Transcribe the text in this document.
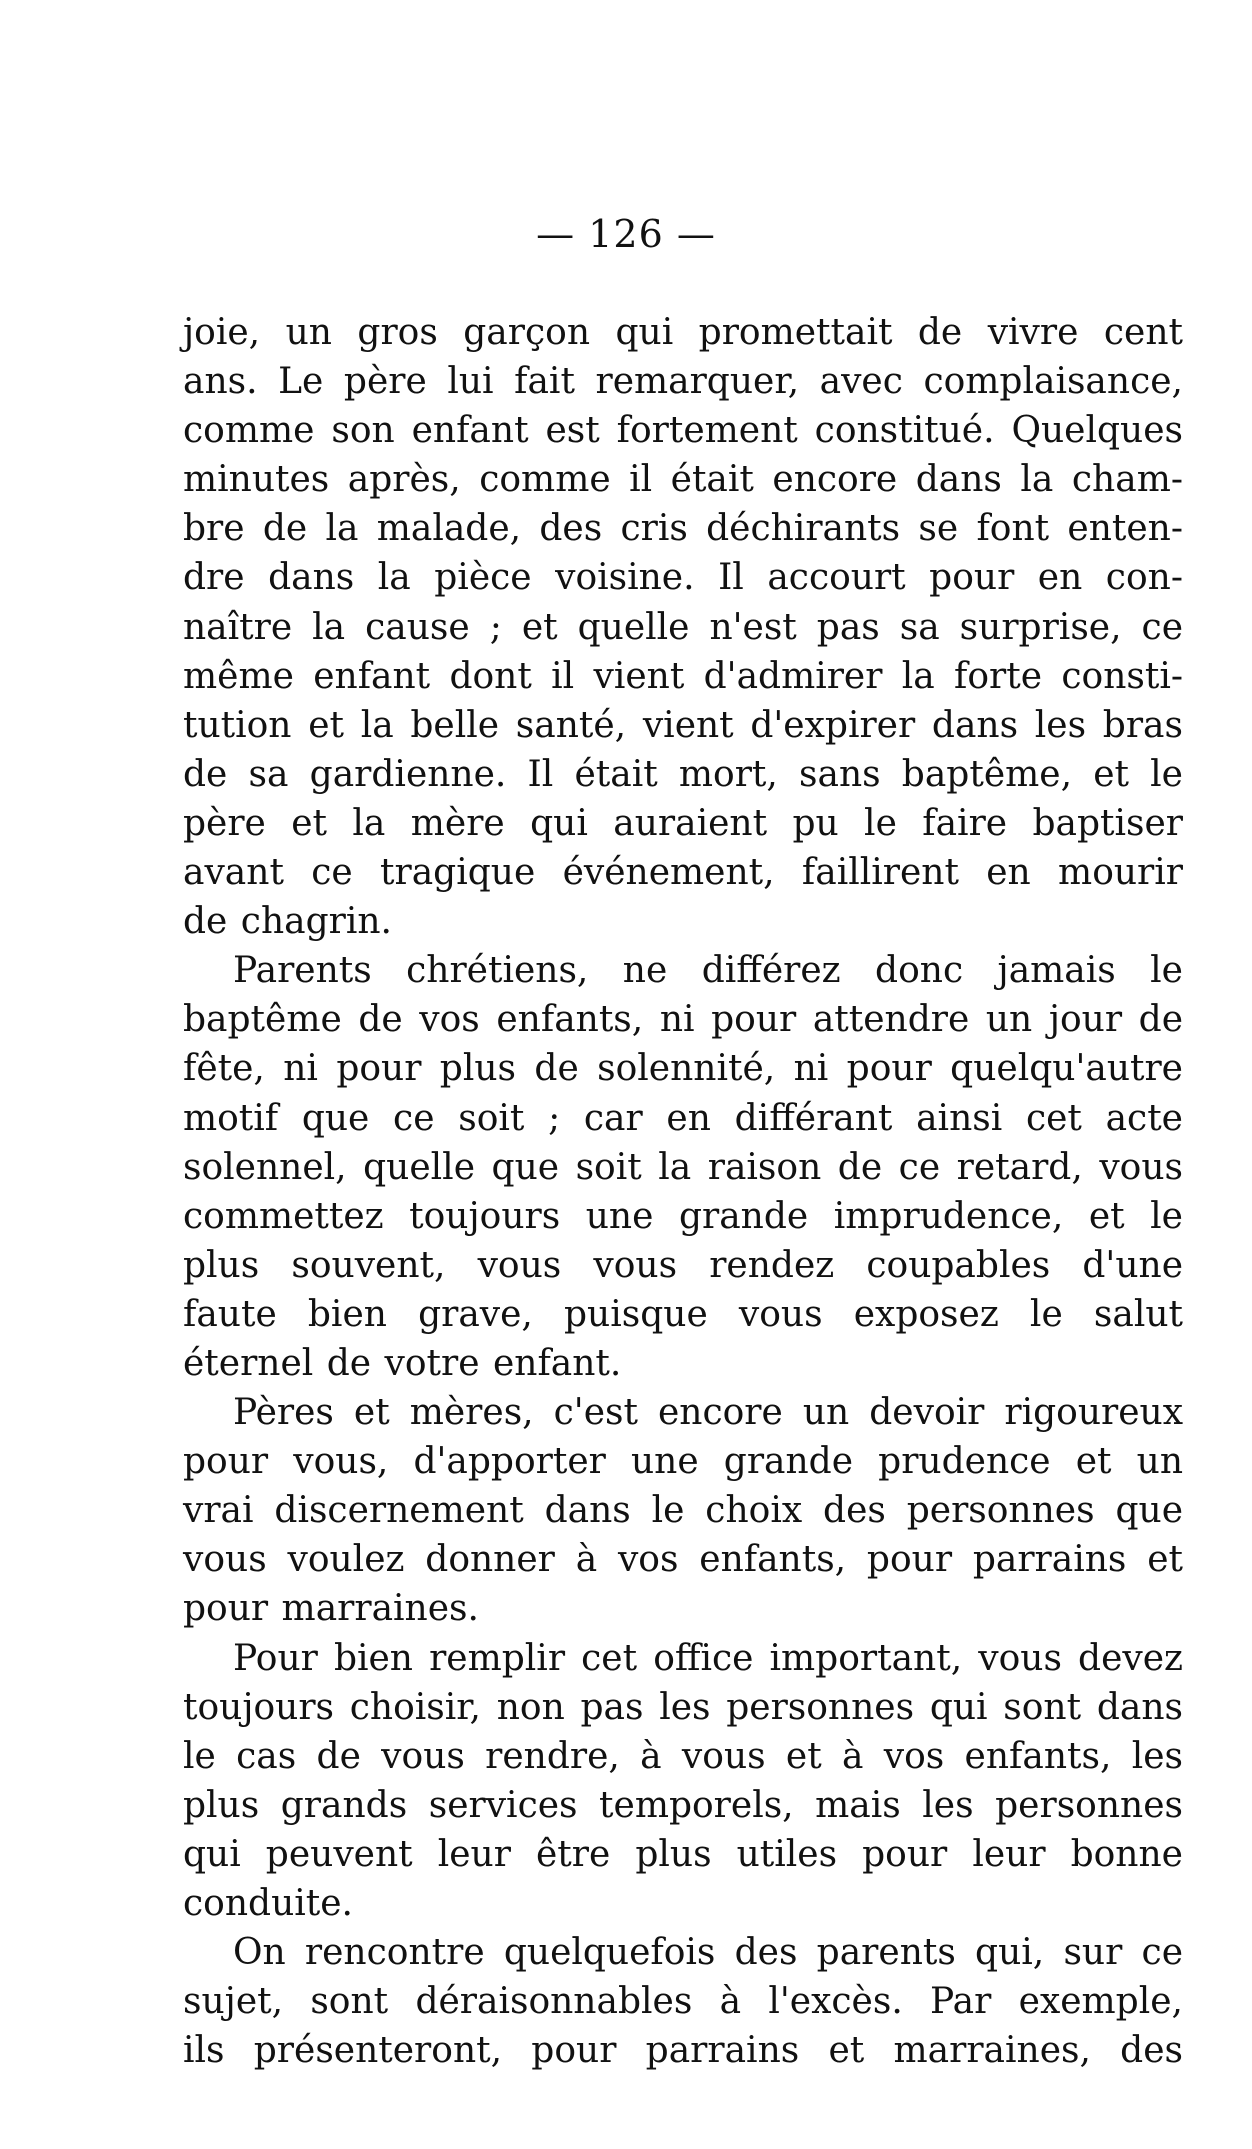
— 126 —
joie, un gros garçon qui promettait de vivre cent
ans. Le père lui fait remarquer, avec complaisance,
comme son enfant est fortement constitué. Quelques
minutes après, comme il était encore dans la cham-
bre de la malade, des cris déchirants se font enten-
dre dans la pièce voisine. Il accourt pour en con-
naître la cause ; et quelle n'est pas sa surprise, ce
même enfant dont il vient d'admirer la forte consti-
tution et la belle santé, vient d'expirer dans les bras
de sa gardienne. Il était mort, sans baptême, et le
père et la mère qui auraient pu le faire baptiser
avant ce tragique événement, faillirent en mourir
de chagrin.
Parents chrétiens, ne différez donc jamais le
baptême de vos enfants, ni pour attendre un jour de
fête, ni pour plus de solennité, ni pour quelqu'autre
motif que ce soit ; car en différant ainsi cet acte
solennel, quelle que soit la raison de ce retard, vous
commettez toujours une grande imprudence, et le
plus souvent, vous vous rendez coupables d'une
faute bien grave, puisque vous exposez le salut
éternel de votre enfant.
Pères et mères, c'est encore un devoir rigoureux
pour vous, d'apporter une grande prudence et un
vrai discernement dans le choix des personnes que
vous voulez donner à vos enfants, pour parrains et
pour marraines.
Pour bien remplir cet office important, vous devez
toujours choisir, non pas les personnes qui sont dans
le cas de vous rendre, à vous et à vos enfants, les
plus grands services temporels, mais les personnes
qui peuvent leur être plus utiles pour leur bonne
conduite.
On rencontre quelquefois des parents qui, sur ce
sujet, sont déraisonnables à l'excès. Par exemple,
ils présenteront, pour parrains et marraines, des
